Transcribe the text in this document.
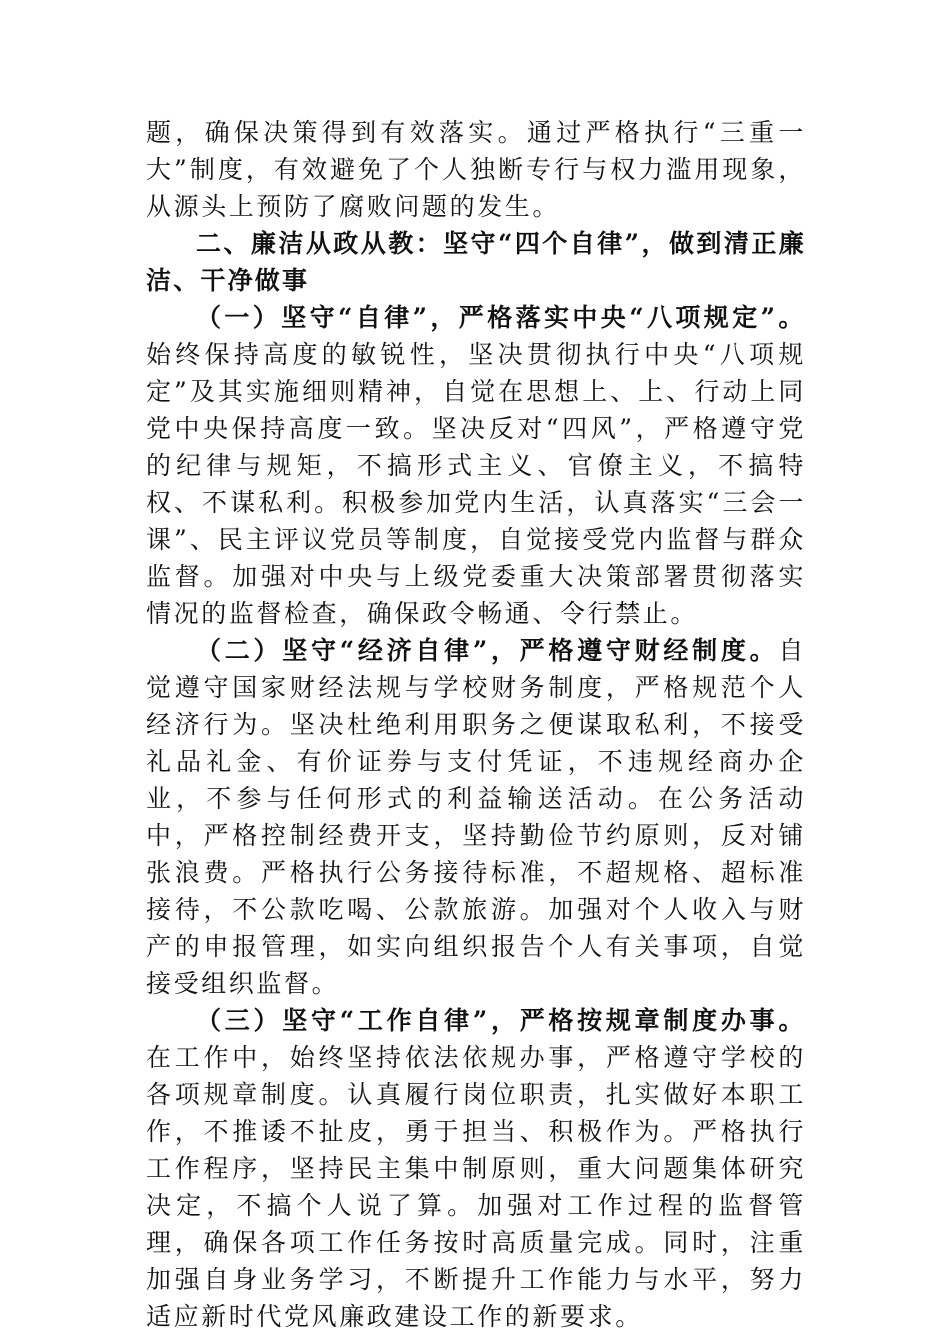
题，确保决策得到有效落实。通过严格执行“三重一大”制度，有效避免了个人独断专行与权力滥用现象，从源头上预防了腐败问题的发生。

二、廉洁从政从教：坚守“四个自律”，做到清正廉洁、干净做事

（一）坚守“自律”，严格落实中央“八项规定”。始终保持高度的敏锐性，坚决贯彻执行中央“八项规定”及其实施细则精神，自觉在思想上、上、行动上同党中央保持高度一致。坚决反对“四风”，严格遵守党的纪律与规矩，不搞形式主义、官僚主义，不搞特权、不谋私利。积极参加党内生活，认真落实“三会一课”、民主评议党员等制度，自觉接受党内监督与群众监督。加强对中央与上级党委重大决策部署贯彻落实情况的监督检查，确保政令畅通、令行禁止。

（二）坚守“经济自律”，严格遵守财经制度。自觉遵守国家财经法规与学校财务制度，严格规范个人经济行为。坚决杜绝利用职务之便谋取私利，不接受礼品礼金、有价证券与支付凭证，不违规经商办企业，不参与任何形式的利益输送活动。在公务活动中，严格控制经费开支，坚持勤俭节约原则，反对铺张浪费。严格执行公务接待标准，不超规格、超标准接待，不公款吃喝、公款旅游。加强对个人收入与财产的申报管理，如实向组织报告个人有关事项，自觉接受组织监督。

（三）坚守“工作自律”，严格按规章制度办事。在工作中，始终坚持依法依规办事，严格遵守学校的各项规章制度。认真履行岗位职责，扎实做好本职工作，不推诿不扯皮，勇于担当、积极作为。严格执行工作程序，坚持民主集中制原则，重大问题集体研究决定，不搞个人说了算。加强对工作过程的监督管理，确保各项工作任务按时高质量完成。同时，注重加强自身业务学习，不断提升工作能力与水平，努力适应新时代党风廉政建设工作的新要求。
